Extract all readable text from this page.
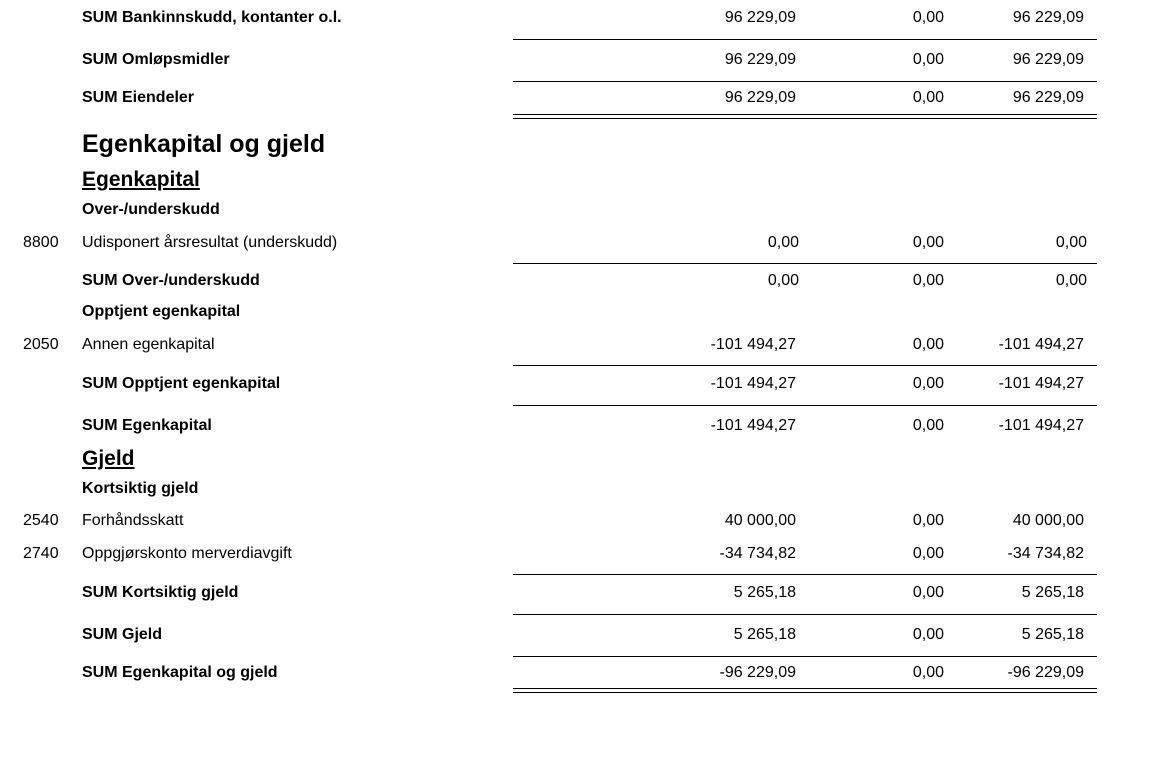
SUM Bankinnskudd, kontanter o.l.	96 229,09	0,00	96 229,09
SUM Omløpsmidler	96 229,09	0,00	96 229,09
SUM Eiendeler	96 229,09	0,00	96 229,09
Egenkapital og gjeld
Egenkapital
Over-/underskudd
8800 Udisponert årsresultat (underskudd)	0,00	0,00	0,00
SUM Over-/underskudd	0,00	0,00	0,00
Opptjent egenkapital
2050 Annen egenkapital	-101 494,27	0,00	-101 494,27
SUM Opptjent egenkapital	-101 494,27	0,00	-101 494,27
SUM Egenkapital	-101 494,27	0,00	-101 494,27
Gjeld
Kortsiktig gjeld
2540 Forhåndsskatt	40 000,00	0,00	40 000,00
2740 Oppgjørskonto merverdiavgift	-34 734,82	0,00	-34 734,82
SUM Kortsiktig gjeld	5 265,18	0,00	5 265,18
SUM Gjeld	5 265,18	0,00	5 265,18
SUM Egenkapital og gjeld	-96 229,09	0,00	-96 229,09
